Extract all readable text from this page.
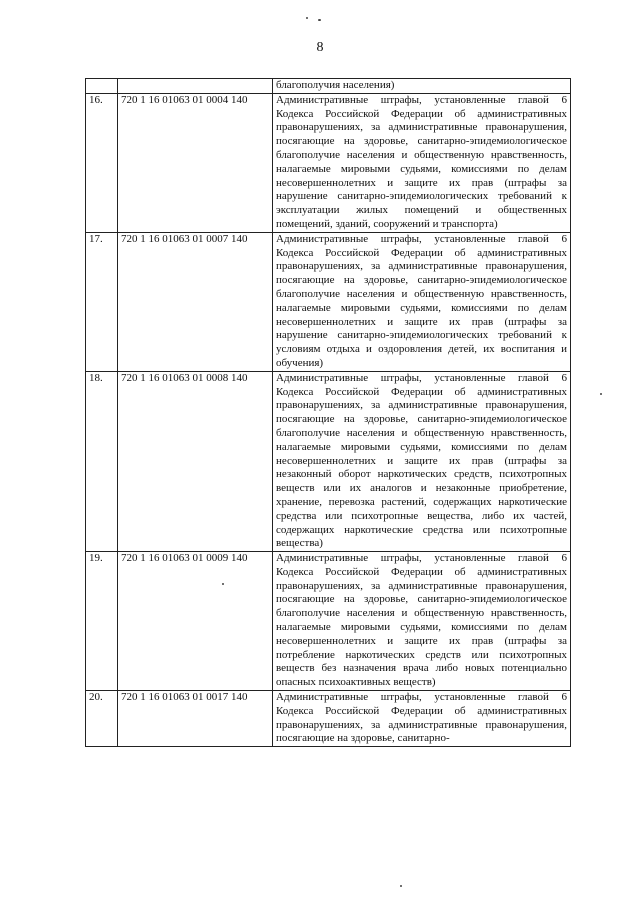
8
		благополучия населения)
16.	720 1 16 01063 01 0004 140	Административные штрафы, установленные главой 6 Кодекса Российской Федерации об административных правонарушениях, за административные правонарушения, посягающие на здоровье, санитарно-эпидемиологическое благополучие населения и общественную нравственность, налагаемые мировыми судьями, комиссиями по делам несовершеннолетних и защите их прав (штрафы за нарушение санитарно-эпидемиологических требований к эксплуатации жилых помещений и общественных помещений, зданий, сооружений и транспорта)
17.	720 1 16 01063 01 0007 140	Административные штрафы, установленные главой 6 Кодекса Российской Федерации об административных правонарушениях, за административные правонарушения, посягающие на здоровье, санитарно-эпидемиологическое благополучие населения и общественную нравственность, налагаемые мировыми судьями, комиссиями по делам несовершеннолетних и защите их прав (штрафы за нарушение санитарно-эпидемиологических требований к условиям отдыха и оздоровления детей, их воспитания и обучения)
18.	720 1 16 01063 01 0008 140	Административные штрафы, установленные главой 6 Кодекса Российской Федерации об административных правонарушениях, за административные правонарушения, посягающие на здоровье, санитарно-эпидемиологическое благополучие населения и общественную нравственность, налагаемые мировыми судьями, комиссиями по делам несовершеннолетних и защите их прав (штрафы за незаконный оборот наркотических средств, психотропных веществ или их аналогов и незаконные приобретение, хранение, перевозка растений, содержащих наркотические средства или психотропные вещества, либо их частей, содержащих наркотические средства или психотропные вещества)
19.	720 1 16 01063 01 0009 140	Административные штрафы, установленные главой 6 Кодекса Российской Федерации об административных правонарушениях, за административные правонарушения, посягающие на здоровье, санитарно-эпидемиологическое благополучие населения и общественную нравственность, налагаемые мировыми судьями, комиссиями по делам несовершеннолетних и защите их прав (штрафы за потребление наркотических средств или психотропных веществ без назначения врача либо новых потенциально опасных психоактивных веществ)
20.	720 1 16 01063 01 0017 140	Административные штрафы, установленные главой 6 Кодекса Российской Федерации об административных правонарушениях, за административные правонарушения, посягающие на здоровье, санитарно-
